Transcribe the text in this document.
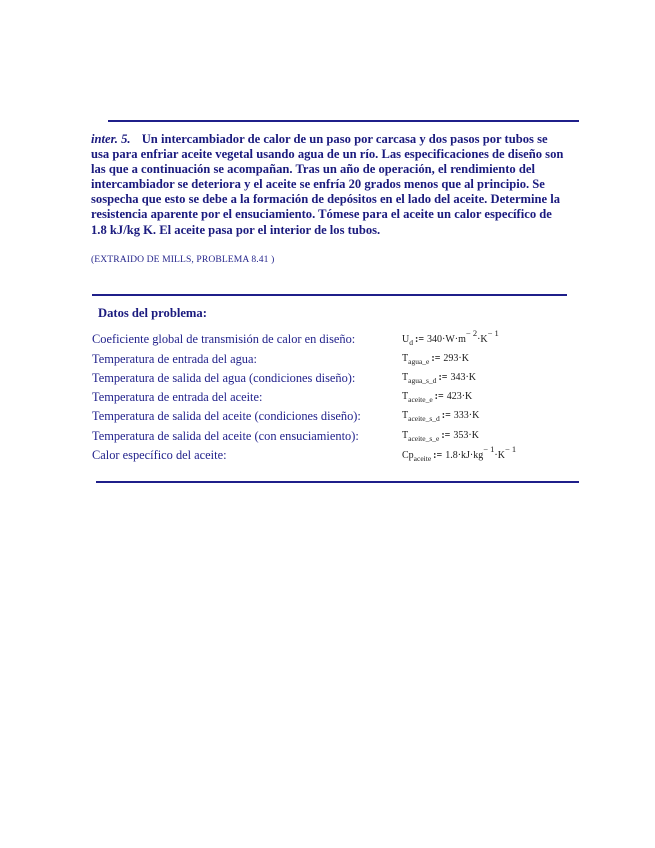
inter. 5. Un intercambiador de calor de un paso por carcasa y dos pasos por tubos se usa para enfriar aceite vegetal usando agua de un río. Las especificaciones de diseño son las que a continuación se acompañan. Tras un año de operación, el rendimiento del intercambiador se deteriora y el aceite se enfría 20 grados menos que al principio. Se sospecha que esto se debe a la formación de depósitos en el lado del aceite. Determine la resistencia aparente por el ensuciamiento. Tómese para el aceite un calor específico de 1.8 kJ/kg K. El aceite pasa por el interior de los tubos.
(EXTRAIDO DE MILLS, PROBLEMA 8.41 )
Datos del problema:
Coeficiente global de transmisión de calor en diseño:	$U_d$ := $340\cdot W\cdot m^{- 2}\cdot K^{- 1}$
Temperatura de entrada del agua:	$T_{agua\_e}$ := 293·K
Temperatura de salida del agua (condiciones diseño):	$T_{agua\_s\_d}$ := 343·K
Temperatura de entrada del aceite:	$T_{aceite\_e}$ := 423·K
Temperatura de salida del aceite (condiciones diseño):	$T_{aceite\_s\_d}$ := 333·K
Temperatura de salida del aceite (con ensuciamiento):	$T_{aceite\_s\_e}$ := 353·K
Calor específico del aceite:	$Cp_{aceite}$ := $1.8\cdot kJ\cdot kg^{- 1}\cdot K^{- 1}$
